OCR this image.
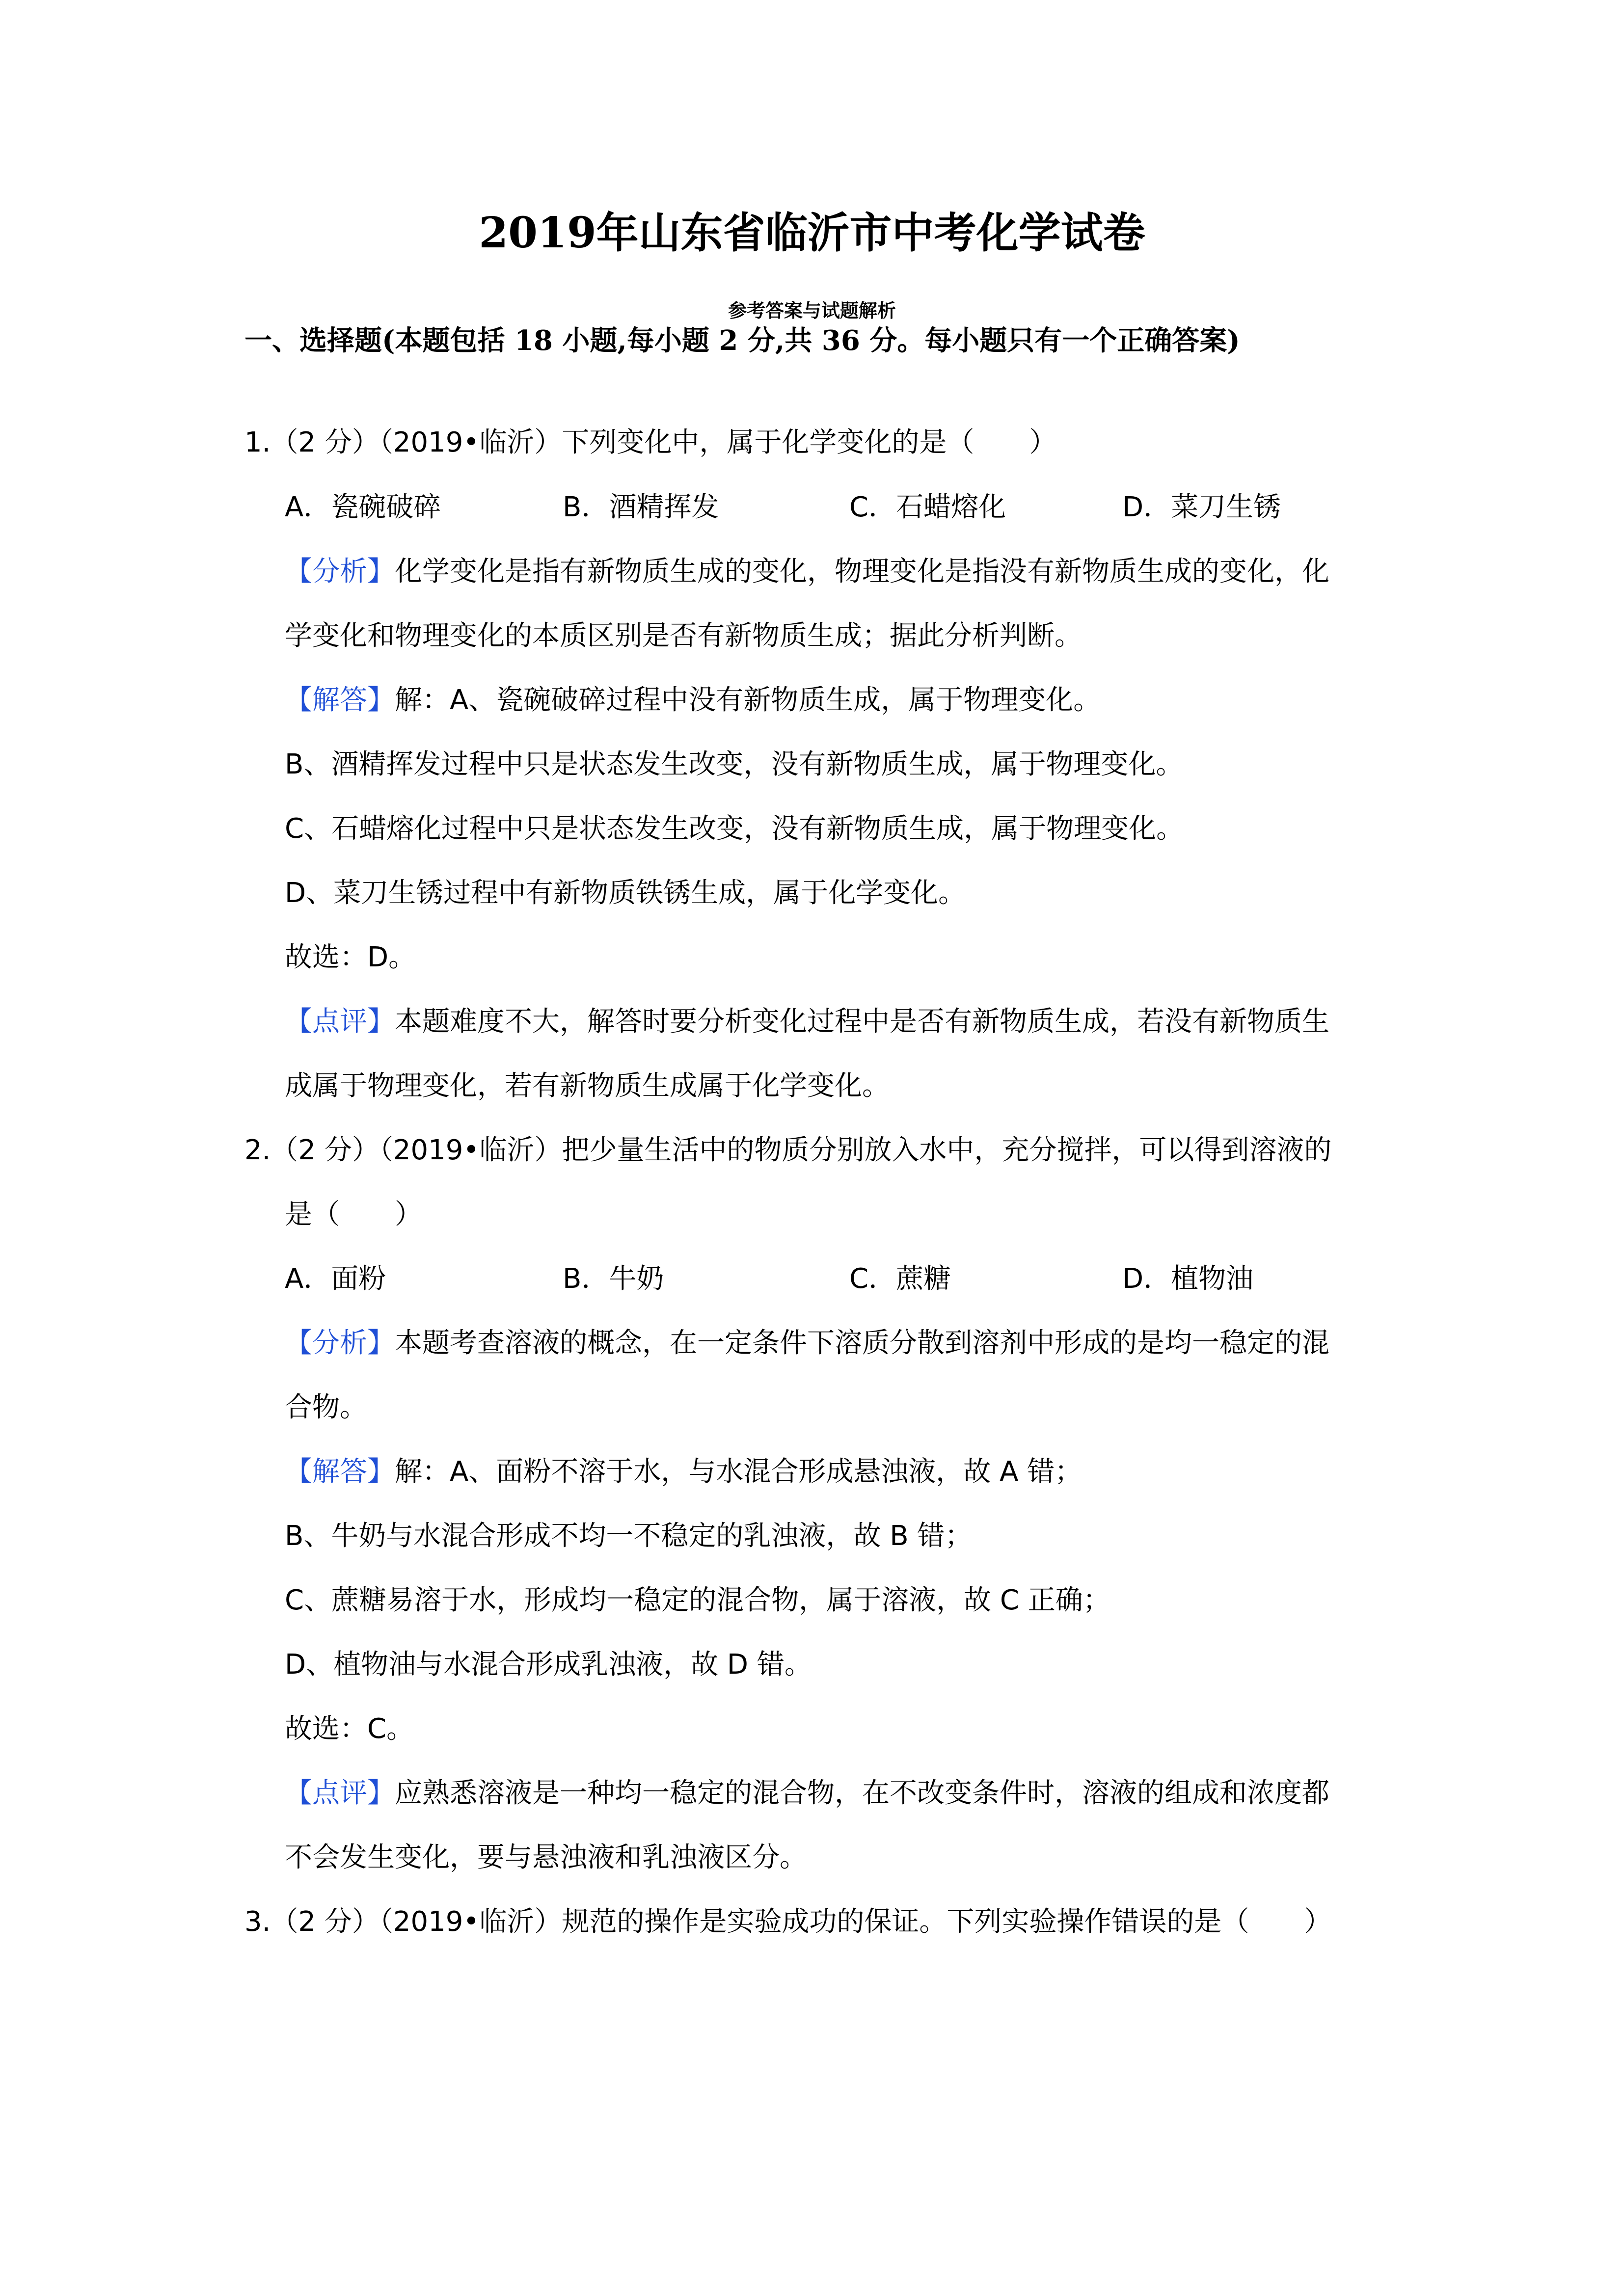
2019年山东省临沂市中考化学试卷
参考答案与试题解析
一、选择题(本题包括 18 小题,每小题 2 分,共 36 分。每小题只有一个正确答案)
1.（2 分）（2019•临沂）下列变化中，属于化学变化的是（　　）
A．瓷碗破碎	B．酒精挥发	C．石蜡熔化	D．菜刀生锈
【分析】化学变化是指有新物质生成的变化，物理变化是指没有新物质生成的变化，化
学变化和物理变化的本质区别是否有新物质生成；据此分析判断。
【解答】解：A、瓷碗破碎过程中没有新物质生成，属于物理变化。
B、酒精挥发过程中只是状态发生改变，没有新物质生成，属于物理变化。
C、石蜡熔化过程中只是状态发生改变，没有新物质生成，属于物理变化。
D、菜刀生锈过程中有新物质铁锈生成，属于化学变化。
故选：D。
【点评】本题难度不大，解答时要分析变化过程中是否有新物质生成，若没有新物质生
成属于物理变化，若有新物质生成属于化学变化。
2.（2 分）（2019•临沂）把少量生活中的物质分别放入水中，充分搅拌，可以得到溶液的
是（　　）
A．面粉	B．牛奶	C．蔗糖	D．植物油
【分析】本题考查溶液的概念，在一定条件下溶质分散到溶剂中形成的是均一稳定的混
合物。
【解答】解：A、面粉不溶于水，与水混合形成悬浊液，故 A 错；
B、牛奶与水混合形成不均一不稳定的乳浊液，故 B 错；
C、蔗糖易溶于水，形成均一稳定的混合物，属于溶液，故 C 正确；
D、植物油与水混合形成乳浊液，故 D 错。
故选：C。
【点评】应熟悉溶液是一种均一稳定的混合物，在不改变条件时，溶液的组成和浓度都
不会发生变化，要与悬浊液和乳浊液区分。
3.（2 分）（2019•临沂）规范的操作是实验成功的保证。下列实验操作错误的是（　　）
